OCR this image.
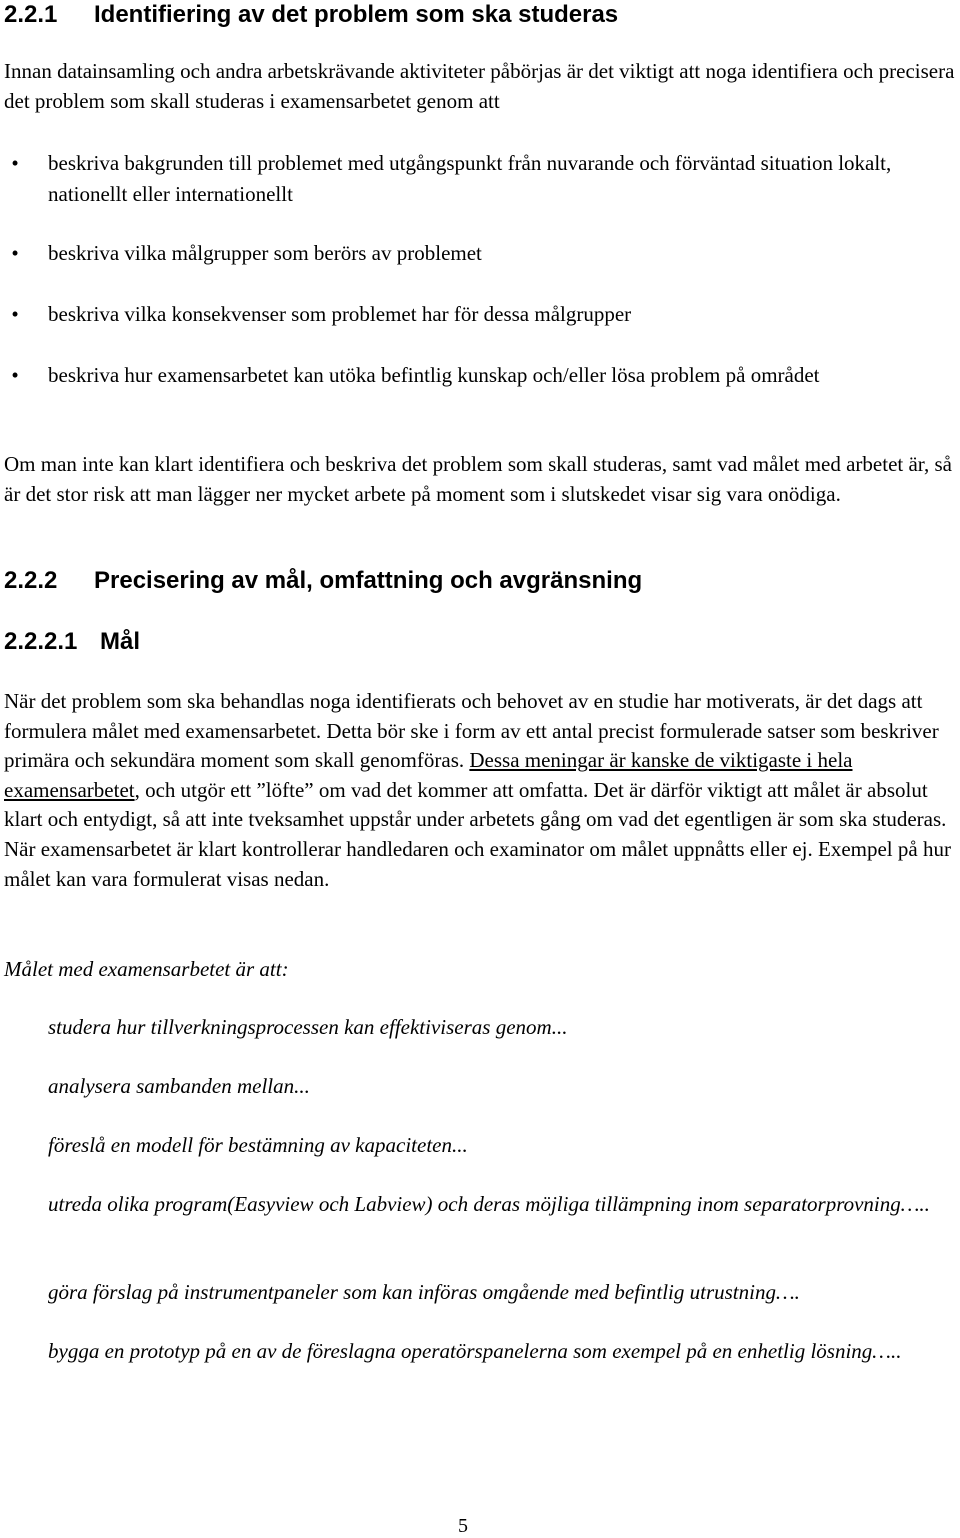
2.2.1 Identifiering av det problem som ska studeras
Innan datainsamling och andra arbetskrävande aktiviteter påbörjas är det viktigt att noga identifiera och precisera det problem som skall studeras i examensarbetet genom att
•	beskriva bakgrunden till problemet med utgångspunkt från nuvarande och förväntad situation lokalt, nationellt eller internationellt
•	beskriva vilka målgrupper som berörs av problemet
•	beskriva vilka konsekvenser som problemet har för dessa målgrupper
•	beskriva hur examensarbetet kan utöka befintlig kunskap och/eller lösa problem på området
Om man inte kan klart identifiera och beskriva det problem som skall studeras, samt vad målet med arbetet är, så är det stor risk att man lägger ner mycket arbete på moment som i slutskedet visar sig vara onödiga.
2.2.2 Precisering av mål, omfattning och avgränsning
2.2.2.1 Mål
När det problem som ska behandlas noga identifierats och behovet av en studie har motiverats, är det dags att formulera målet med examensarbetet. Detta bör ske i form av ett antal precist formulerade satser som beskriver primära och sekundära moment som skall genomföras. Dessa meningar är kanske de viktigaste i hela examensarbetet, och utgör ett ”löfte” om vad det kommer att omfatta. Det är därför viktigt att målet är absolut klart och entydigt, så att inte tveksamhet uppstår under arbetets gång om vad det egentligen är som ska studeras. När examensarbetet är klart kontrollerar handledaren och examinator om målet uppnåtts eller ej. Exempel på hur målet kan vara formulerat visas nedan.
Målet med examensarbetet är att:
studera hur tillverkningsprocessen kan effektiviseras genom...
analysera sambanden mellan...
föreslå en modell för bestämning av kapaciteten...
utreda olika program(Easyview och Labview) och deras möjliga tillämpning inom separatorprovning…..
göra förslag på instrumentpaneler som kan införas omgående med befintlig utrustning….
bygga en prototyp på en av de föreslagna operatörspanelerna som exempel på en enhetlig lösning…..
5
